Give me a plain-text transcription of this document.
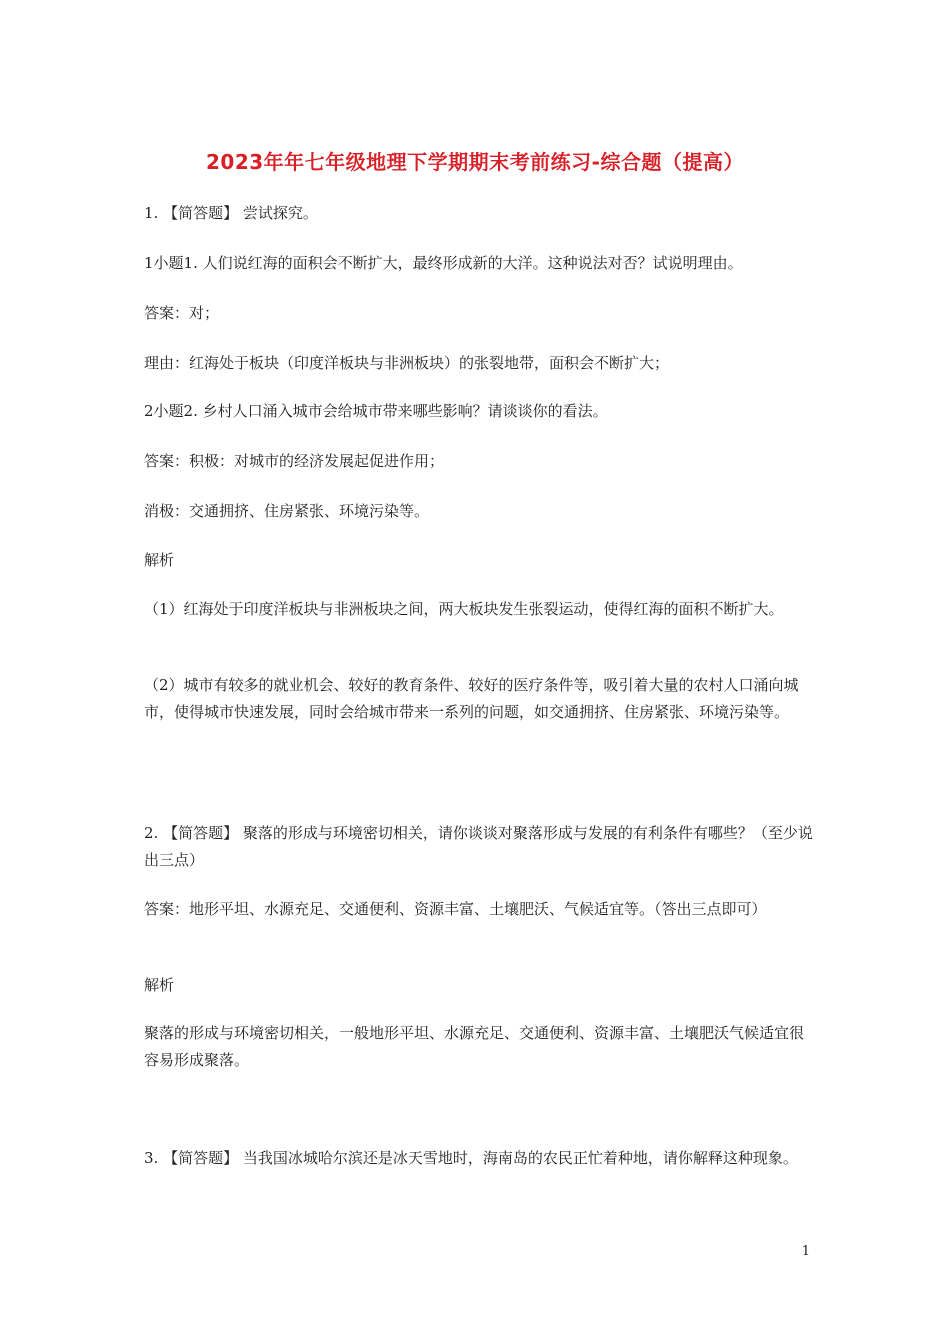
2023年年七年级地理下学期期末考前练习-综合题（提高）

1. 【简答题】 尝试探究。

1小题1. 人们说红海的面积会不断扩大，最终形成新的大洋。这种说法对否？试说明理由。

答案：对；

理由：红海处于板块（印度洋板块与非洲板块）的张裂地带，面积会不断扩大；

2小题2. 乡村人口涌入城市会给城市带来哪些影响？请谈谈你的看法。

答案：积极：对城市的经济发展起促进作用；

消极：交通拥挤、住房紧张、环境污染等。

解析

（1）红海处于印度洋板块与非洲板块之间，两大板块发生张裂运动，使得红海的面积不断扩大。

（2）城市有较多的就业机会、较好的教育条件、较好的医疗条件等，吸引着大量的农村人口涌向城市，使得城市快速发展，同时会给城市带来一系列的问题，如交通拥挤、住房紧张、环境污染等。

2. 【简答题】 聚落的形成与环境密切相关，请你谈谈对聚落形成与发展的有利条件有哪些？（至少说出三点）

答案：地形平坦、水源充足、交通便利、资源丰富、土壤肥沃、气候适宜等。（答出三点即可）

解析

聚落的形成与环境密切相关，一般地形平坦、水源充足、交通便利、资源丰富、土壤肥沃气候适宜很容易形成聚落。

3. 【简答题】 当我国冰城哈尔滨还是冰天雪地时，海南岛的农民正忙着种地，请你解释这种现象。

1
